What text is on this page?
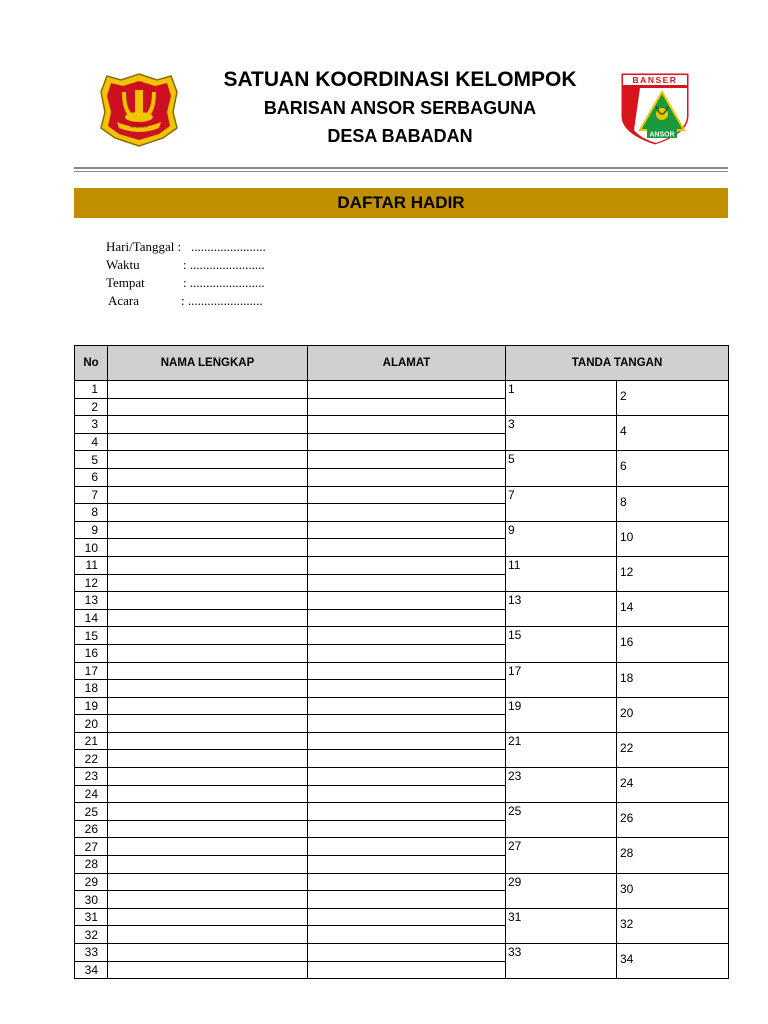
ANSOR
SATUAN KOORDINASI KELOMPOK
BARISAN ANSOR SERBAGUNA
DESA BABADAN
BANSER
ANSOR
DAFTAR HADIR
Hari/Tanggal : .......................
Waktu	: .......................
Tempat	: .......................
Acara	: .......................
No	NAMA LENGKAP	ALAMAT	TANDA TANGAN	
1			1	2

2				
3			3	4

4				
5			5	6

6				
7			7	8

8				
9			9	10

10				
11			11	12

12				
13			13	14

14				
15			15	16

16				
17			17	18

18				
19			19	20

20				
21			21	22

22				
23			23	24

24				
25			25	26

26				
27			27	28

28				
29			29	30

30				
31			31	32

32				
33			33	34

34				
